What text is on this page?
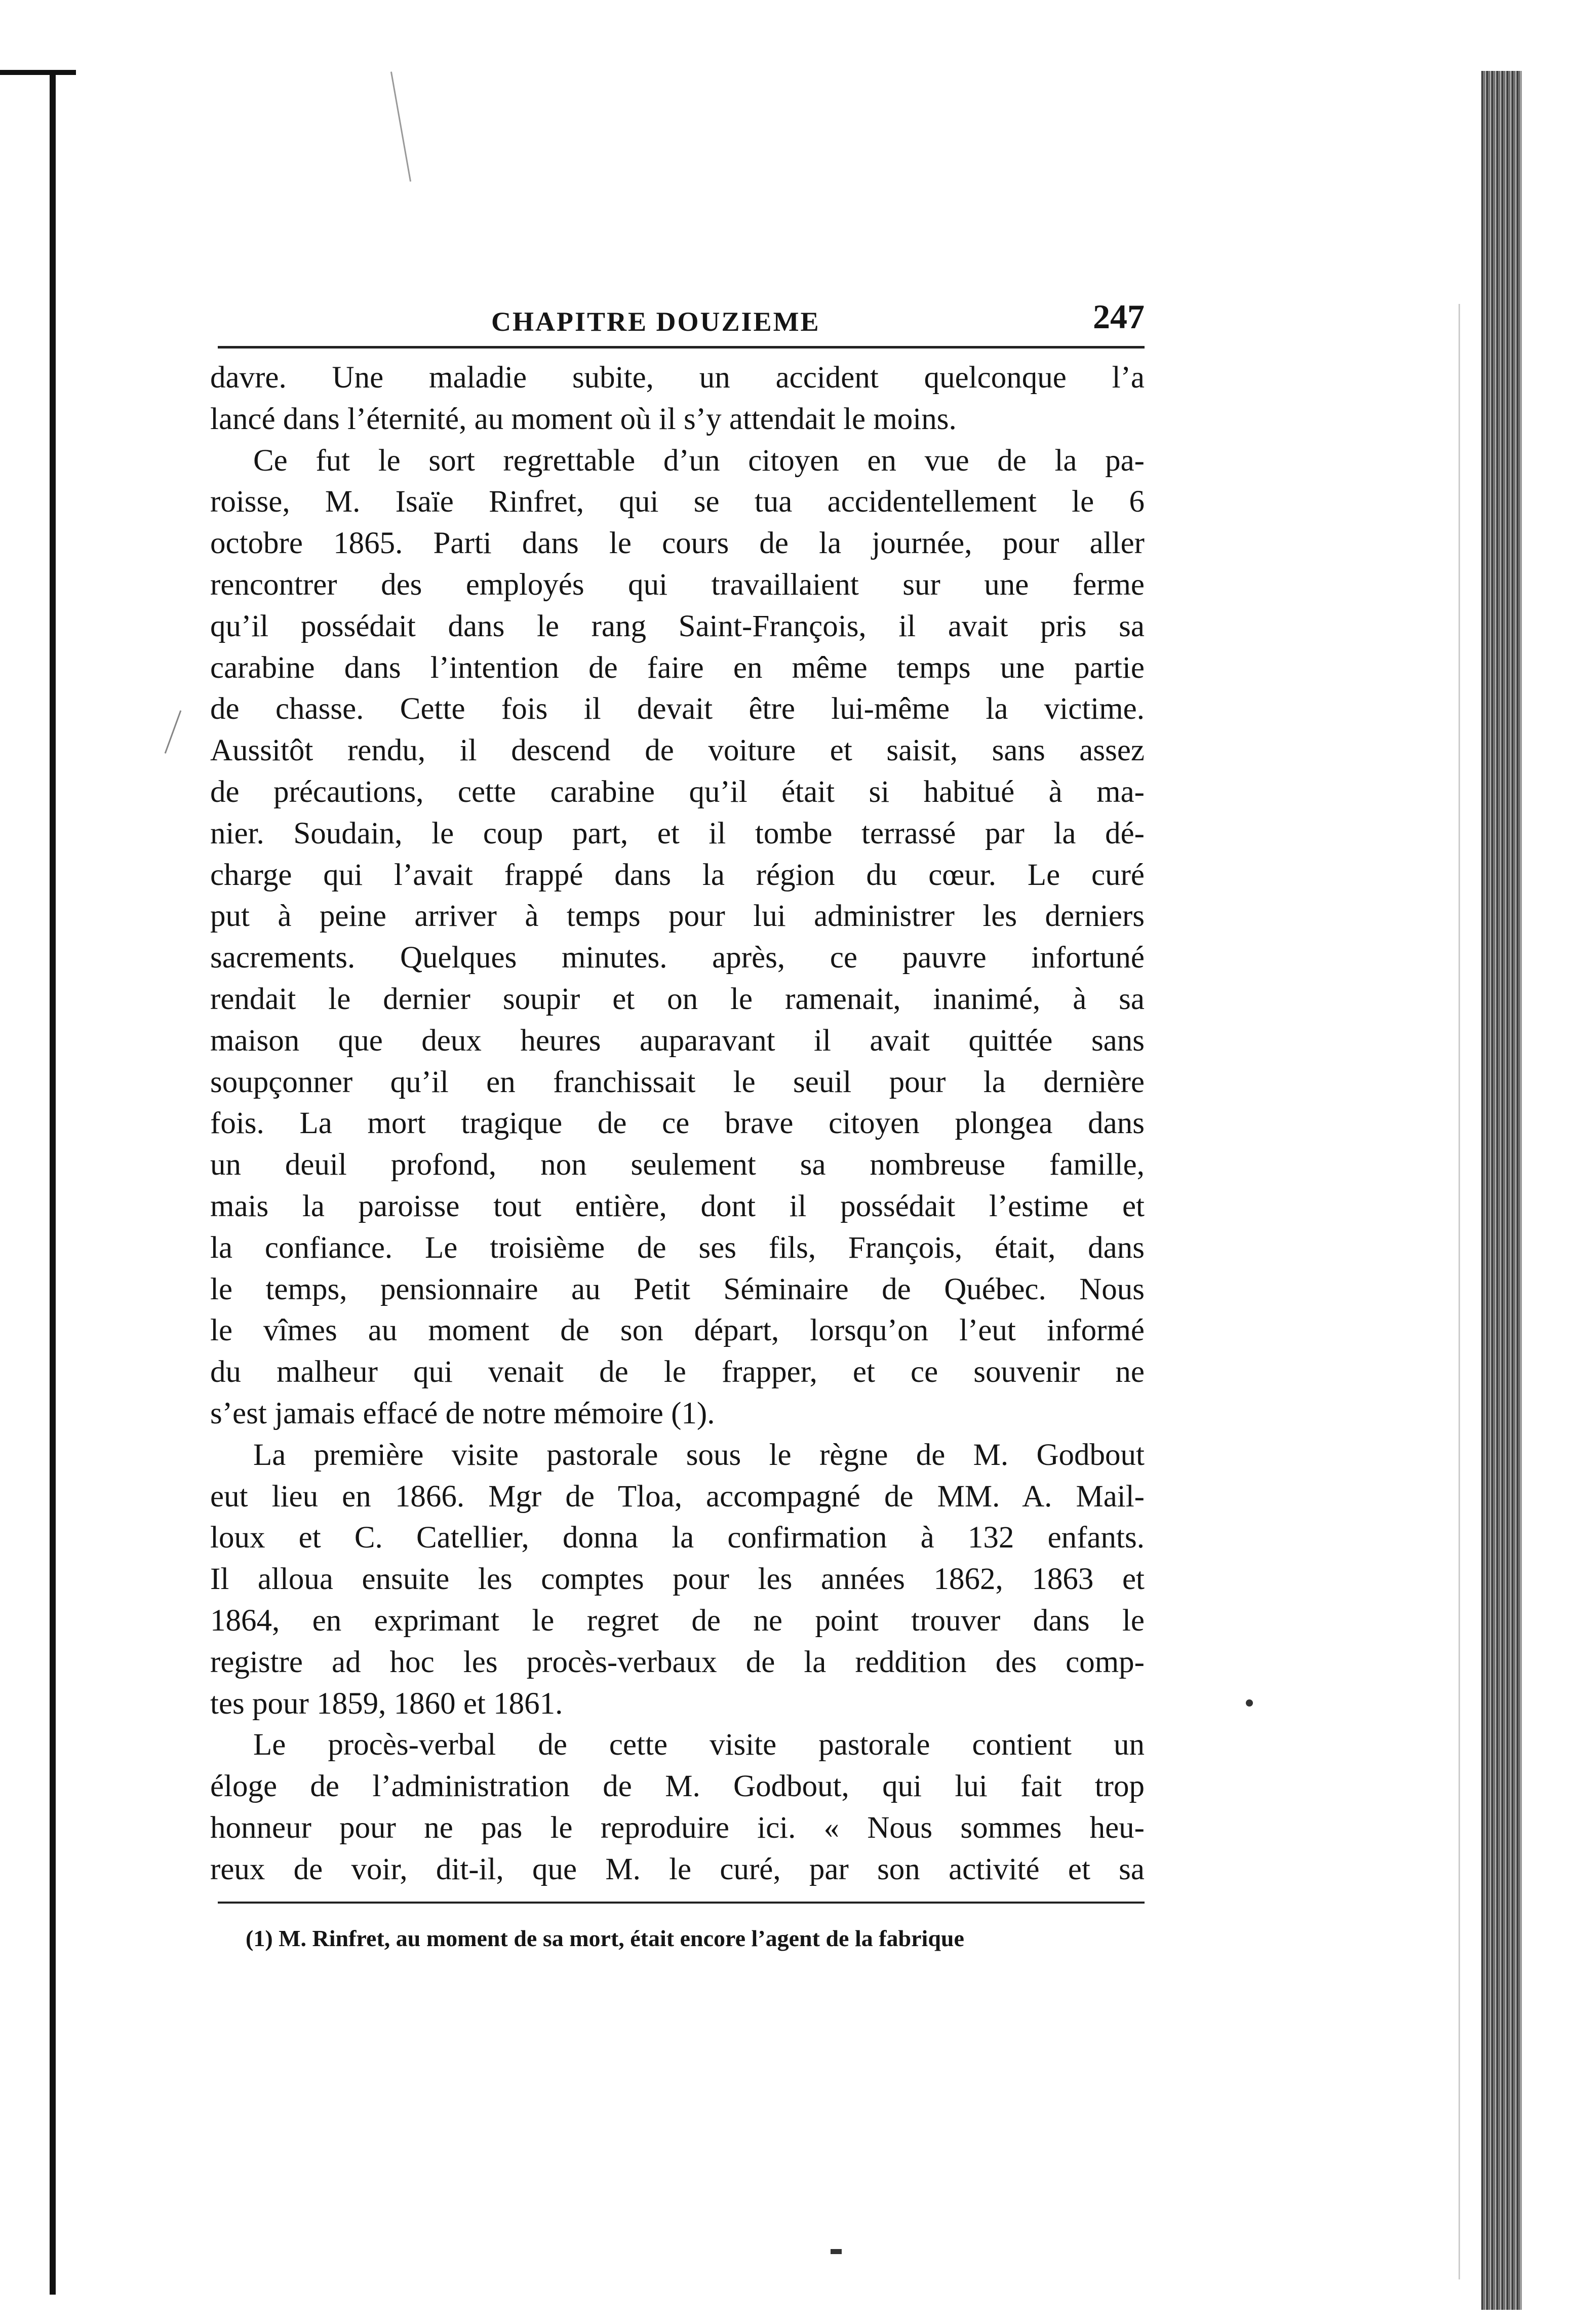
CHAPITRE DOUZIEME	247
davre. Une maladie subite, un accident quelconque l’a
lancé dans l’éternité, au moment où il s’y attendait le moins.
Ce fut le sort regrettable d’un citoyen en vue de la pa-
roisse, M. Isaïe Rinfret, qui se tua accidentellement le 6
octobre 1865. Parti dans le cours de la journée, pour aller
rencontrer des employés qui travaillaient sur une ferme
qu’il possédait dans le rang Saint-François, il avait pris sa
carabine dans l’intention de faire en même temps une partie
de chasse. Cette fois il devait être lui-même la victime.
Aussitôt rendu, il descend de voiture et saisit, sans assez
de précautions, cette carabine qu’il était si habitué à ma-
nier. Soudain, le coup part, et il tombe terrassé par la dé-
charge qui l’avait frappé dans la région du cœur. Le curé
put à peine arriver à temps pour lui administrer les derniers
sacrements. Quelques minutes. après, ce pauvre infortuné
rendait le dernier soupir et on le ramenait, inanimé, à sa
maison que deux heures auparavant il avait quittée sans
soupçonner qu’il en franchissait le seuil pour la dernière
fois. La mort tragique de ce brave citoyen plongea dans
un deuil profond, non seulement sa nombreuse famille,
mais la paroisse tout entière, dont il possédait l’estime et
la confiance. Le troisième de ses fils, François, était, dans
le temps, pensionnaire au Petit Séminaire de Québec. Nous
le vîmes au moment de son départ, lorsqu’on l’eut informé
du malheur qui venait de le frapper, et ce souvenir ne
s’est jamais effacé de notre mémoire (1).
La première visite pastorale sous le règne de M. Godbout
eut lieu en 1866. Mgr de Tloa, accompagné de MM. A. Mail-
loux et C. Catellier, donna la confirmation à 132 enfants.
Il alloua ensuite les comptes pour les années 1862, 1863 et
1864, en exprimant le regret de ne point trouver dans le
registre ad hoc les procès-verbaux de la reddition des comp-
tes pour 1859, 1860 et 1861.
Le procès-verbal de cette visite pastorale contient un
éloge de l’administration de M. Godbout, qui lui fait trop
honneur pour ne pas le reproduire ici. « Nous sommes heu-
reux de voir, dit-il, que M. le curé, par son activité et sa
(1) M. Rinfret, au moment de sa mort, était encore l’agent de la fabrique
